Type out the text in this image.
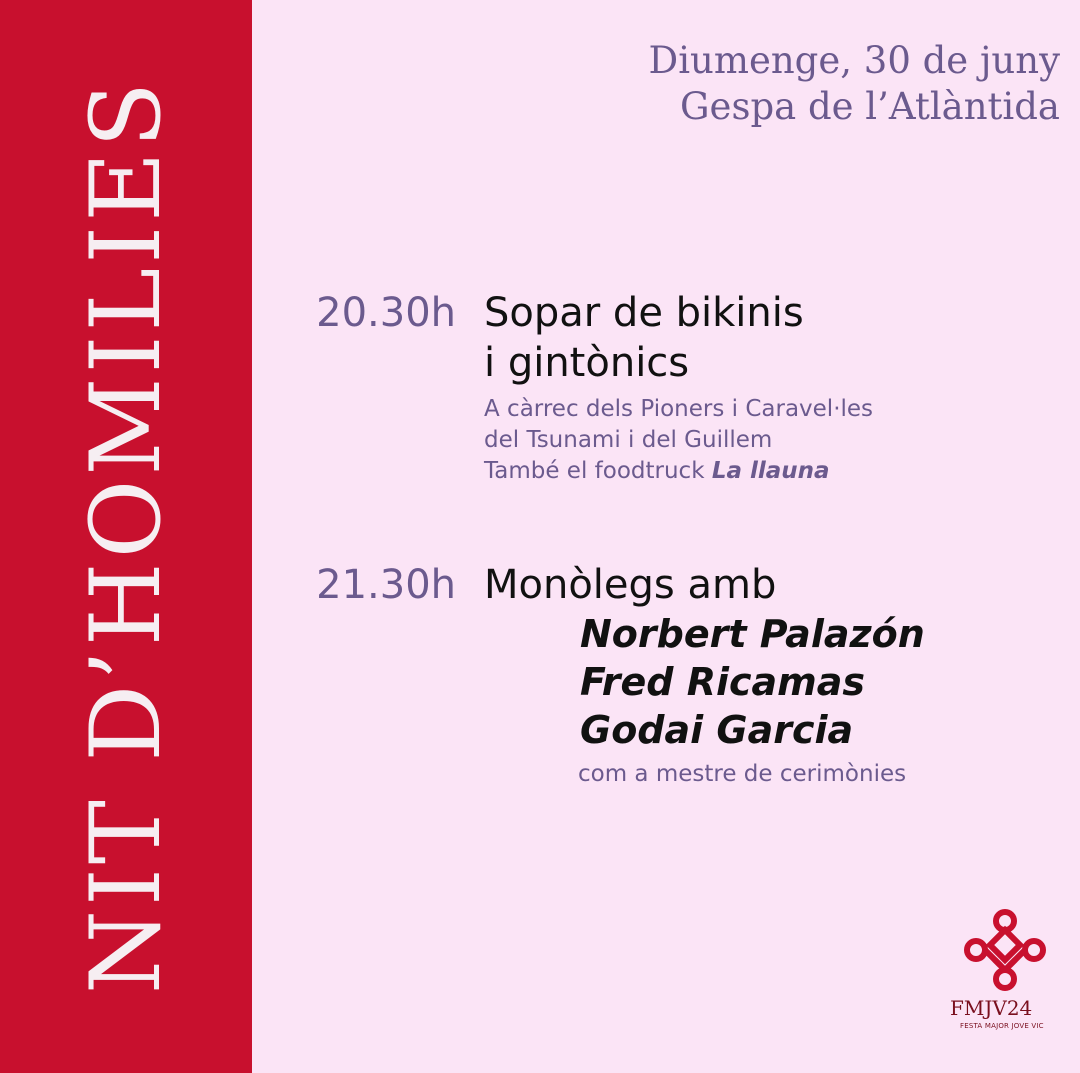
NIT D’HOMILIES
Diumenge, 30 de juny
Gespa de l’Atlàntida
20.30h Sopar de bikinis
i gintònics
A càrrec dels Pioners i Caravel·les
del Tsunami i del Guillem
També el foodtruck La llauna
21.30h Monòlegs amb
Norbert Palazón
Fred Ricamas
Godai Garcia
com a mestre de cerimònies
FMJV24
FESTA MAJOR JOVE VIC
